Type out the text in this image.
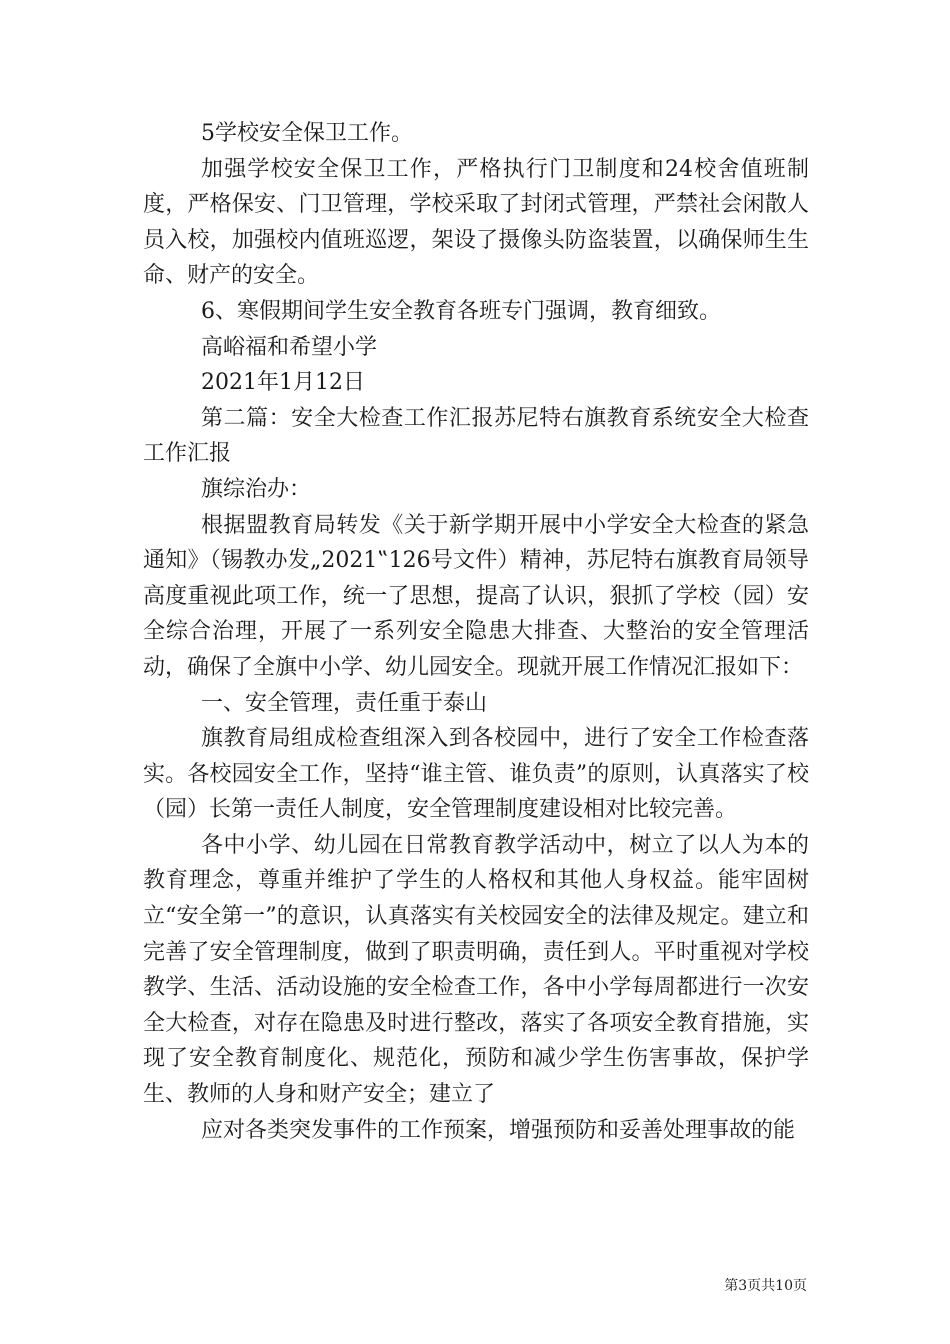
5学校安全保卫工作。

加强学校安全保卫工作，严格执行门卫制度和24校舍值班制度，严格保安、门卫管理，学校采取了封闭式管理，严禁社会闲散人员入校，加强校内值班巡逻，架设了摄像头防盗装置，以确保师生生命、财产的安全。

6、寒假期间学生安全教育各班专门强调，教育细致。

高峪福和希望小学

2021年1月12日

第二篇：安全大检查工作汇报苏尼特右旗教育系统安全大检查工作汇报

旗综治办：

根据盟教育局转发《关于新学期开展中小学安全大检查的紧急通知》（锡教办发„2021‟126号文件）精神，苏尼特右旗教育局领导高度重视此项工作，统一了思想，提高了认识，狠抓了学校（园）安全综合治理，开展了一系列安全隐患大排查、大整治的安全管理活动，确保了全旗中小学、幼儿园安全。现就开展工作情况汇报如下：

一、安全管理，责任重于泰山

旗教育局组成检查组深入到各校园中，进行了安全工作检查落实。各校园安全工作，坚持“谁主管、谁负责”的原则，认真落实了校（园）长第一责任人制度，安全管理制度建设相对比较完善。

各中小学、幼儿园在日常教育教学活动中，树立了以人为本的教育理念，尊重并维护了学生的人格权和其他人身权益。能牢固树立“安全第一”的意识，认真落实有关校园安全的法律及规定。建立和完善了安全管理制度，做到了职责明确，责任到人。平时重视对学校教学、生活、活动设施的安全检查工作，各中小学每周都进行一次安全大检查，对存在隐患及时进行整改，落实了各项安全教育措施，实现了安全教育制度化、规范化，预防和减少学生伤害事故，保护学生、教师的人身和财产安全；建立了

应对各类突发事件的工作预案，增强预防和妥善处理事故的能

第3页共10页
